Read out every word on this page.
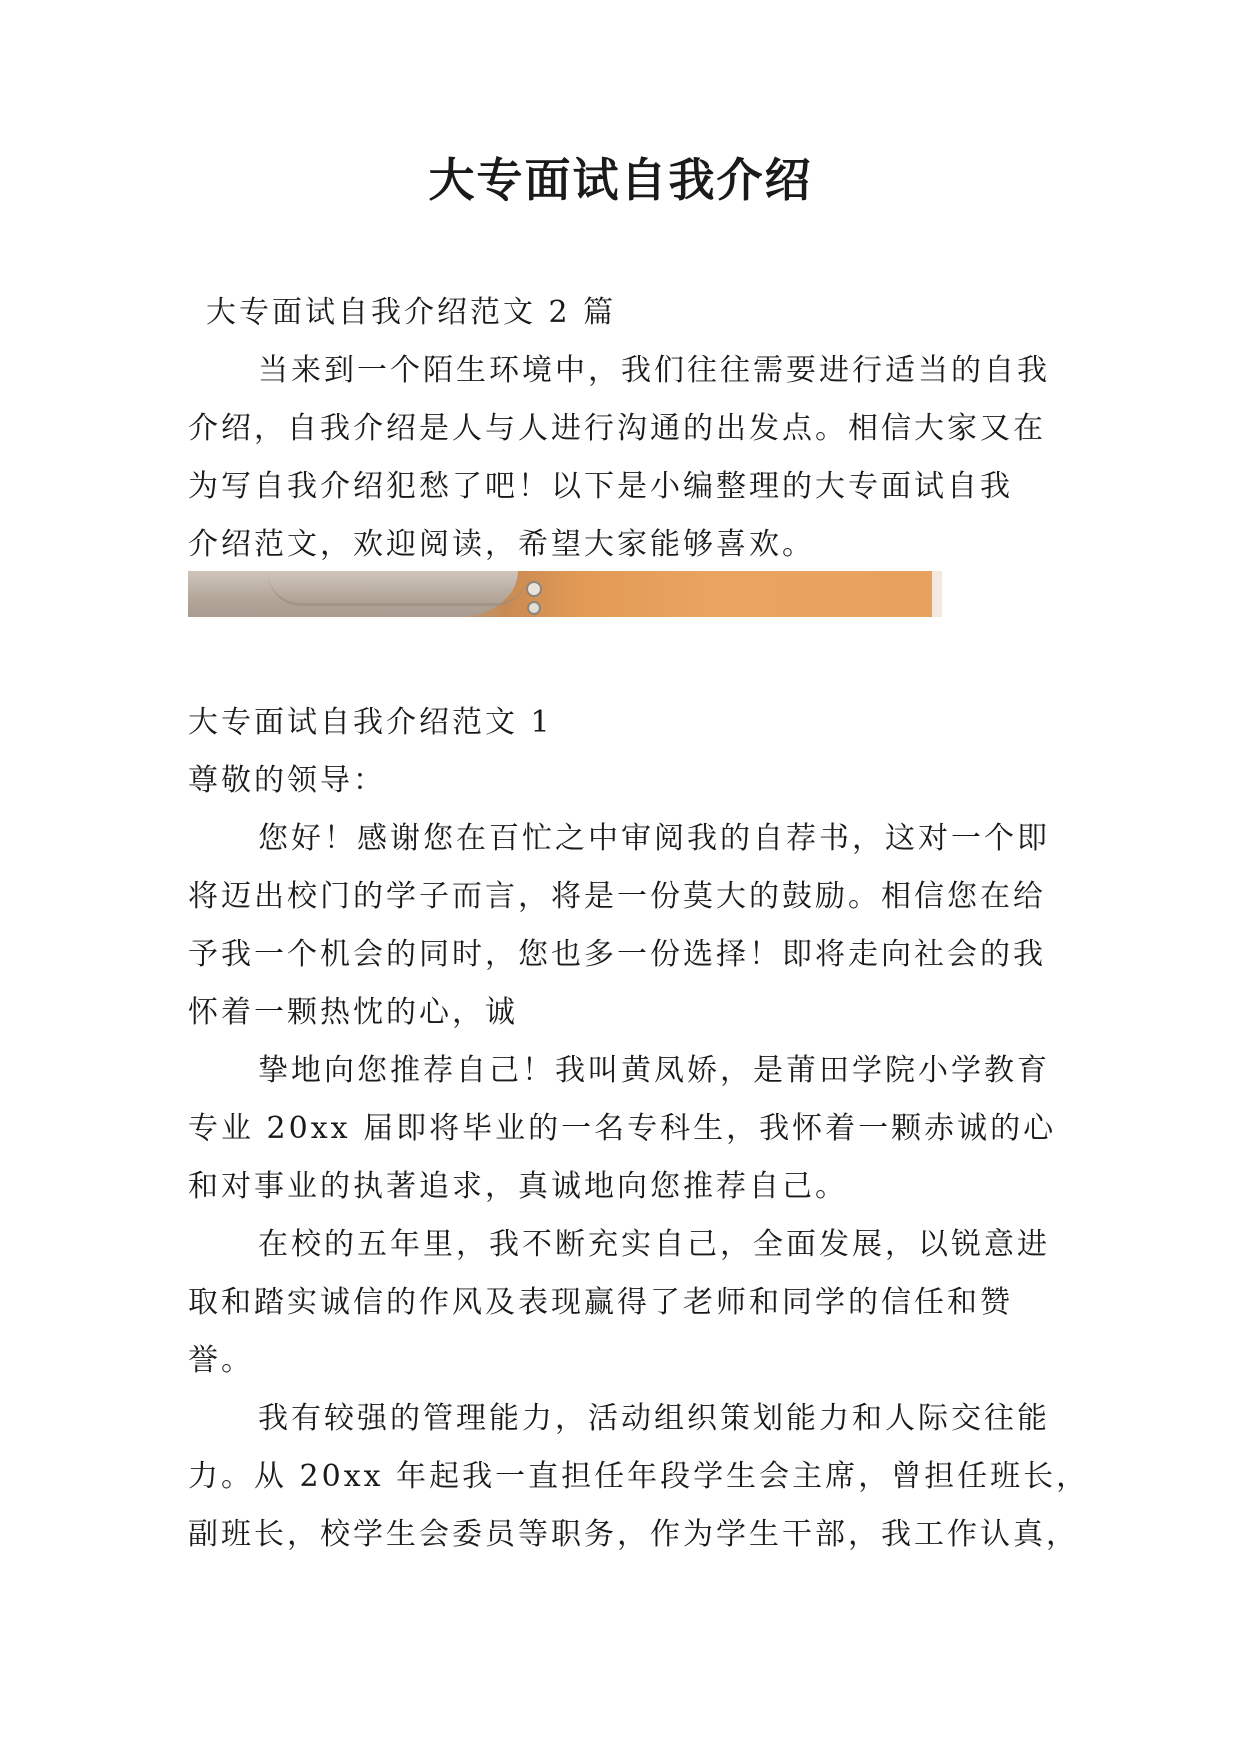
大专面试自我介绍
大专面试自我介绍范文 2 篇
当来到一个陌生环境中，我们往往需要进行适当的自我
介绍，自我介绍是人与人进行沟通的出发点。相信大家又在
为写自我介绍犯愁了吧！以下是小编整理的大专面试自我
介绍范文，欢迎阅读，希望大家能够喜欢。
大专面试自我介绍范文 1
尊敬的领导：
您好！感谢您在百忙之中审阅我的自荐书，这对一个即
将迈出校门的学子而言，将是一份莫大的鼓励。相信您在给
予我一个机会的同时，您也多一份选择！即将走向社会的我
怀着一颗热忱的心，诚
挚地向您推荐自己！我叫黄凤娇，是莆田学院小学教育
专业 20xx 届即将毕业的一名专科生，我怀着一颗赤诚的心
和对事业的执著追求，真诚地向您推荐自己。
在校的五年里，我不断充实自己，全面发展，以锐意进
取和踏实诚信的作风及表现赢得了老师和同学的信任和赞
誉。
我有较强的管理能力，活动组织策划能力和人际交往能
力。从 20xx 年起我一直担任年段学生会主席，曾担任班长，
副班长，校学生会委员等职务，作为学生干部，我工作认真，
